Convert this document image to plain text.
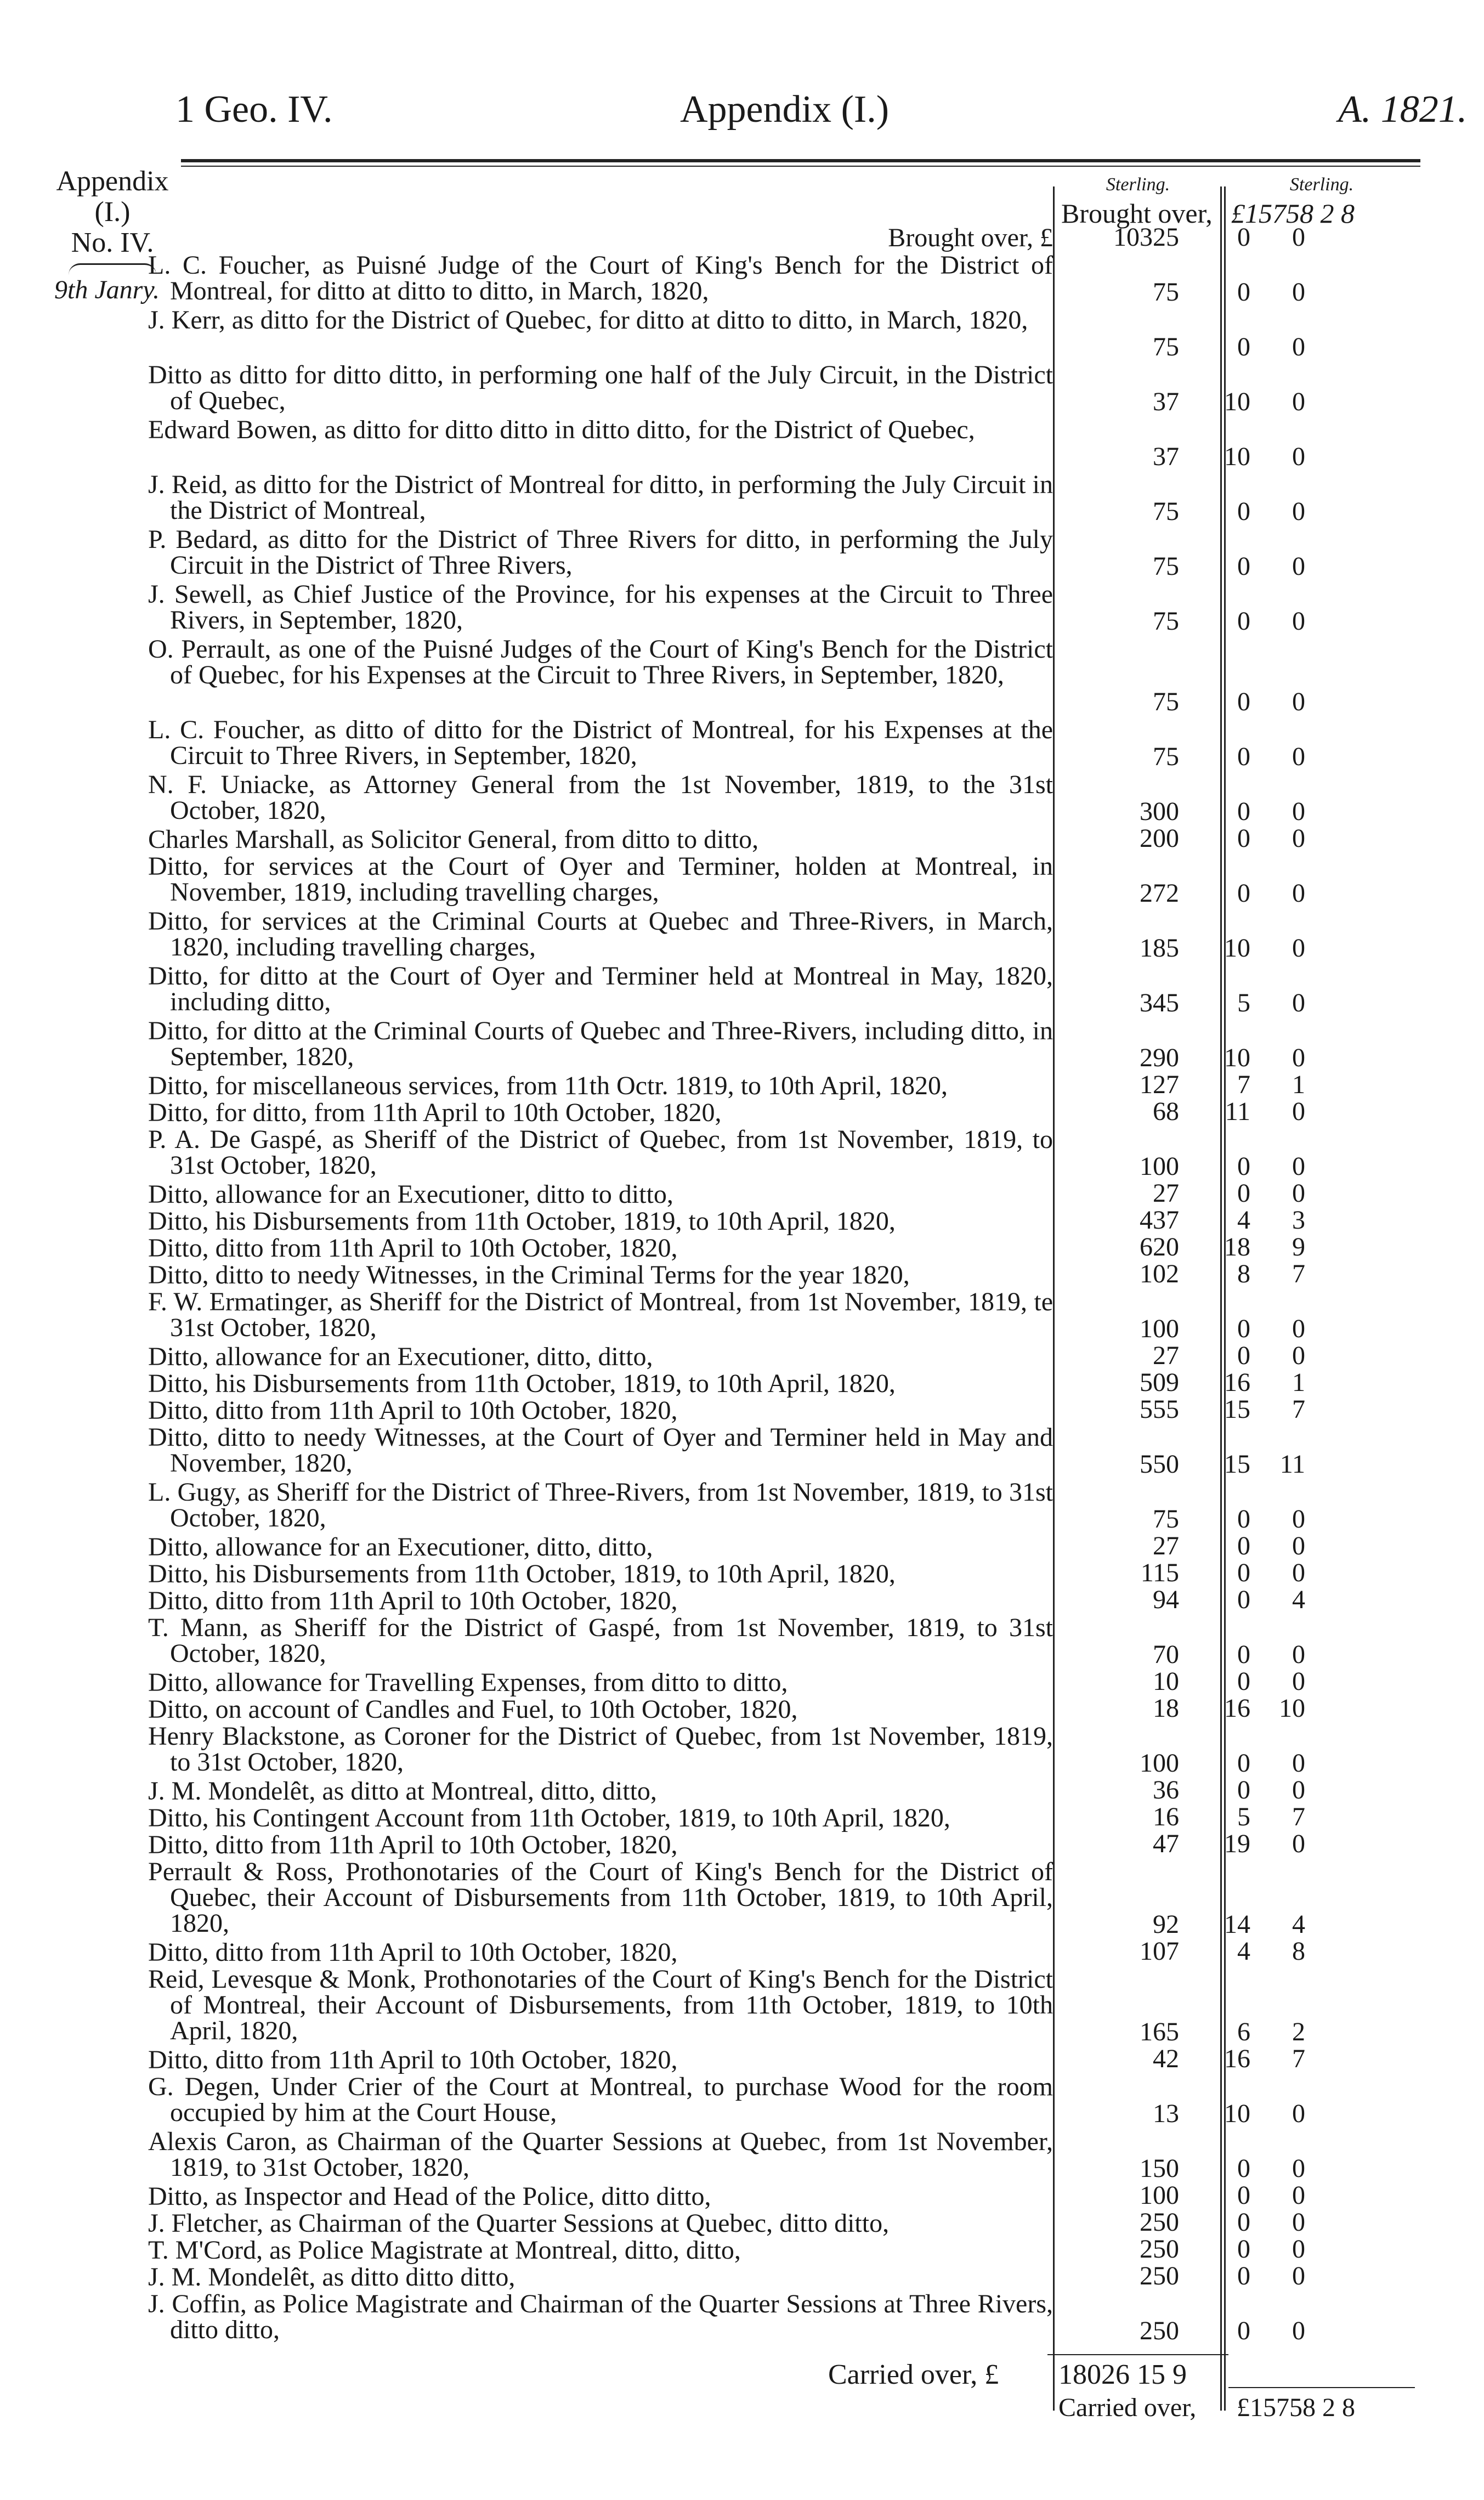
1 Geo. IV.	Appendix (I.)	A. 1821.
Appendix
(I.)
No. IV.
9th Janry.
Sterling.	Sterling.
Brought over, £15758 2 8
Brought over, £ 10325	0	0
L. C. Foucher, as Puisné Judge of the Court of King's Bench for the District of Montreal, for ditto at ditto to ditto, in March, 1820,	75	0	0
J. Kerr, as ditto for the District of Quebec, for ditto at ditto to ditto, in March, 1820,
75	0	0
Ditto as ditto for ditto ditto, in performing one half of the July Circuit, in the District of Quebec,	37	10	0
Edward Bowen, as ditto for ditto ditto in ditto ditto, for the District of Quebec,
37	10	0
J. Reid, as ditto for the District of Montreal for ditto, in performing the July Circuit in the District of Montreal,	75	0	0
P. Bedard, as ditto for the District of Three Rivers for ditto, in performing the July Circuit in the District of Three Rivers,	75	0	0
J. Sewell, as Chief Justice of the Province, for his expenses at the Circuit to Three Rivers, in September, 1820,	75	0	0
O. Perrault, as one of the Puisné Judges of the Court of King's Bench for the District of Quebec, for his Expenses at the Circuit to Three Rivers, in September, 1820,
75	0	0
L. C. Foucher, as ditto of ditto for the District of Montreal, for his Expenses at the Circuit to Three Rivers, in September, 1820,	75	0	0
N. F. Uniacke, as Attorney General from the 1st November, 1819, to the 31st October, 1820,	300	0	0
Charles Marshall, as Solicitor General, from ditto to ditto,	200	0	0
Ditto, for services at the Court of Oyer and Terminer, holden at Montreal, in November, 1819, including travelling charges,	272	0	0
Ditto, for services at the Criminal Courts at Quebec and Three-Rivers, in March, 1820, including travelling charges,	185	10	0
Ditto, for ditto at the Court of Oyer and Terminer held at Montreal in May, 1820, including ditto,	345	5	0
Ditto, for ditto at the Criminal Courts of Quebec and Three-Rivers, including ditto, in September, 1820,	290	10	0
Ditto, for miscellaneous services, from 11th Octr. 1819, to 10th April, 1820,	127	7	1
Ditto, for ditto, from 11th April to 10th October, 1820,	68	11	0
P. A. De Gaspé, as Sheriff of the District of Quebec, from 1st November, 1819, to 31st October, 1820,	100	0	0
Ditto, allowance for an Executioner, ditto to ditto,	27	0	0
Ditto, his Disbursements from 11th October, 1819, to 10th April, 1820,	437	4	3
Ditto, ditto from 11th April to 10th October, 1820,	620	18	9
Ditto, ditto to needy Witnesses, in the Criminal Terms for the year 1820,	102	8	7
F. W. Ermatinger, as Sheriff for the District of Montreal, from 1st November, 1819, te 31st October, 1820,	100	0	0
Ditto, allowance for an Executioner, ditto, ditto,	27	0	0
Ditto, his Disbursements from 11th October, 1819, to 10th April, 1820,	509	16	1
Ditto, ditto from 11th April to 10th October, 1820,	555	15	7
Ditto, ditto to needy Witnesses, at the Court of Oyer and Terminer held in May and November, 1820,	550	15	11
L. Gugy, as Sheriff for the District of Three-Rivers, from 1st November, 1819, to 31st October, 1820,	75	0	0
Ditto, allowance for an Executioner, ditto, ditto,	27	0	0
Ditto, his Disbursements from 11th October, 1819, to 10th April, 1820,	115	0	0
Ditto, ditto from 11th April to 10th October, 1820,	94	0	4
T. Mann, as Sheriff for the District of Gaspé, from 1st November, 1819, to 31st October, 1820,	70	0	0
Ditto, allowance for Travelling Expenses, from ditto to ditto,	10	0	0
Ditto, on account of Candles and Fuel, to 10th October, 1820,	18	16	10
Henry Blackstone, as Coroner for the District of Quebec, from 1st November, 1819, to 31st October, 1820,	100	0	0
J. M. Mondelêt, as ditto at Montreal, ditto, ditto,	36	0	0
Ditto, his Contingent Account from 11th October, 1819, to 10th April, 1820,	16	5	7
Ditto, ditto from 11th April to 10th October, 1820,	47	19	0
Perrault & Ross, Prothonotaries of the Court of King's Bench for the District of Quebec, their Account of Disbursements from 11th October, 1819, to 10th April, 1820,	92	14	4
Ditto, ditto from 11th April to 10th October, 1820,	107	4	8
Reid, Levesque & Monk, Prothonotaries of the Court of King's Bench for the District of Montreal, their Account of Disbursements, from 11th October, 1819, to 10th April, 1820,	165	6	2
Ditto, ditto from 11th April to 10th October, 1820,	42	16	7
G. Degen, Under Crier of the Court at Montreal, to purchase Wood for the room occupied by him at the Court House,	13	10	0
Alexis Caron, as Chairman of the Quarter Sessions at Quebec, from 1st November, 1819, to 31st October, 1820,	150	0	0
Ditto, as Inspector and Head of the Police, ditto ditto,	100	0	0
J. Fletcher, as Chairman of the Quarter Sessions at Quebec, ditto ditto,	250	0	0
T. M'Cord, as Police Magistrate at Montreal, ditto, ditto,	250	0	0
J. M. Mondelêt, as ditto ditto ditto,	250	0	0
J. Coffin, as Police Magistrate and Chairman of the Quarter Sessions at Three Rivers, ditto ditto,	250	0	0
Carried over, £ 18026 15 9
Carried over, £15758 2 8
